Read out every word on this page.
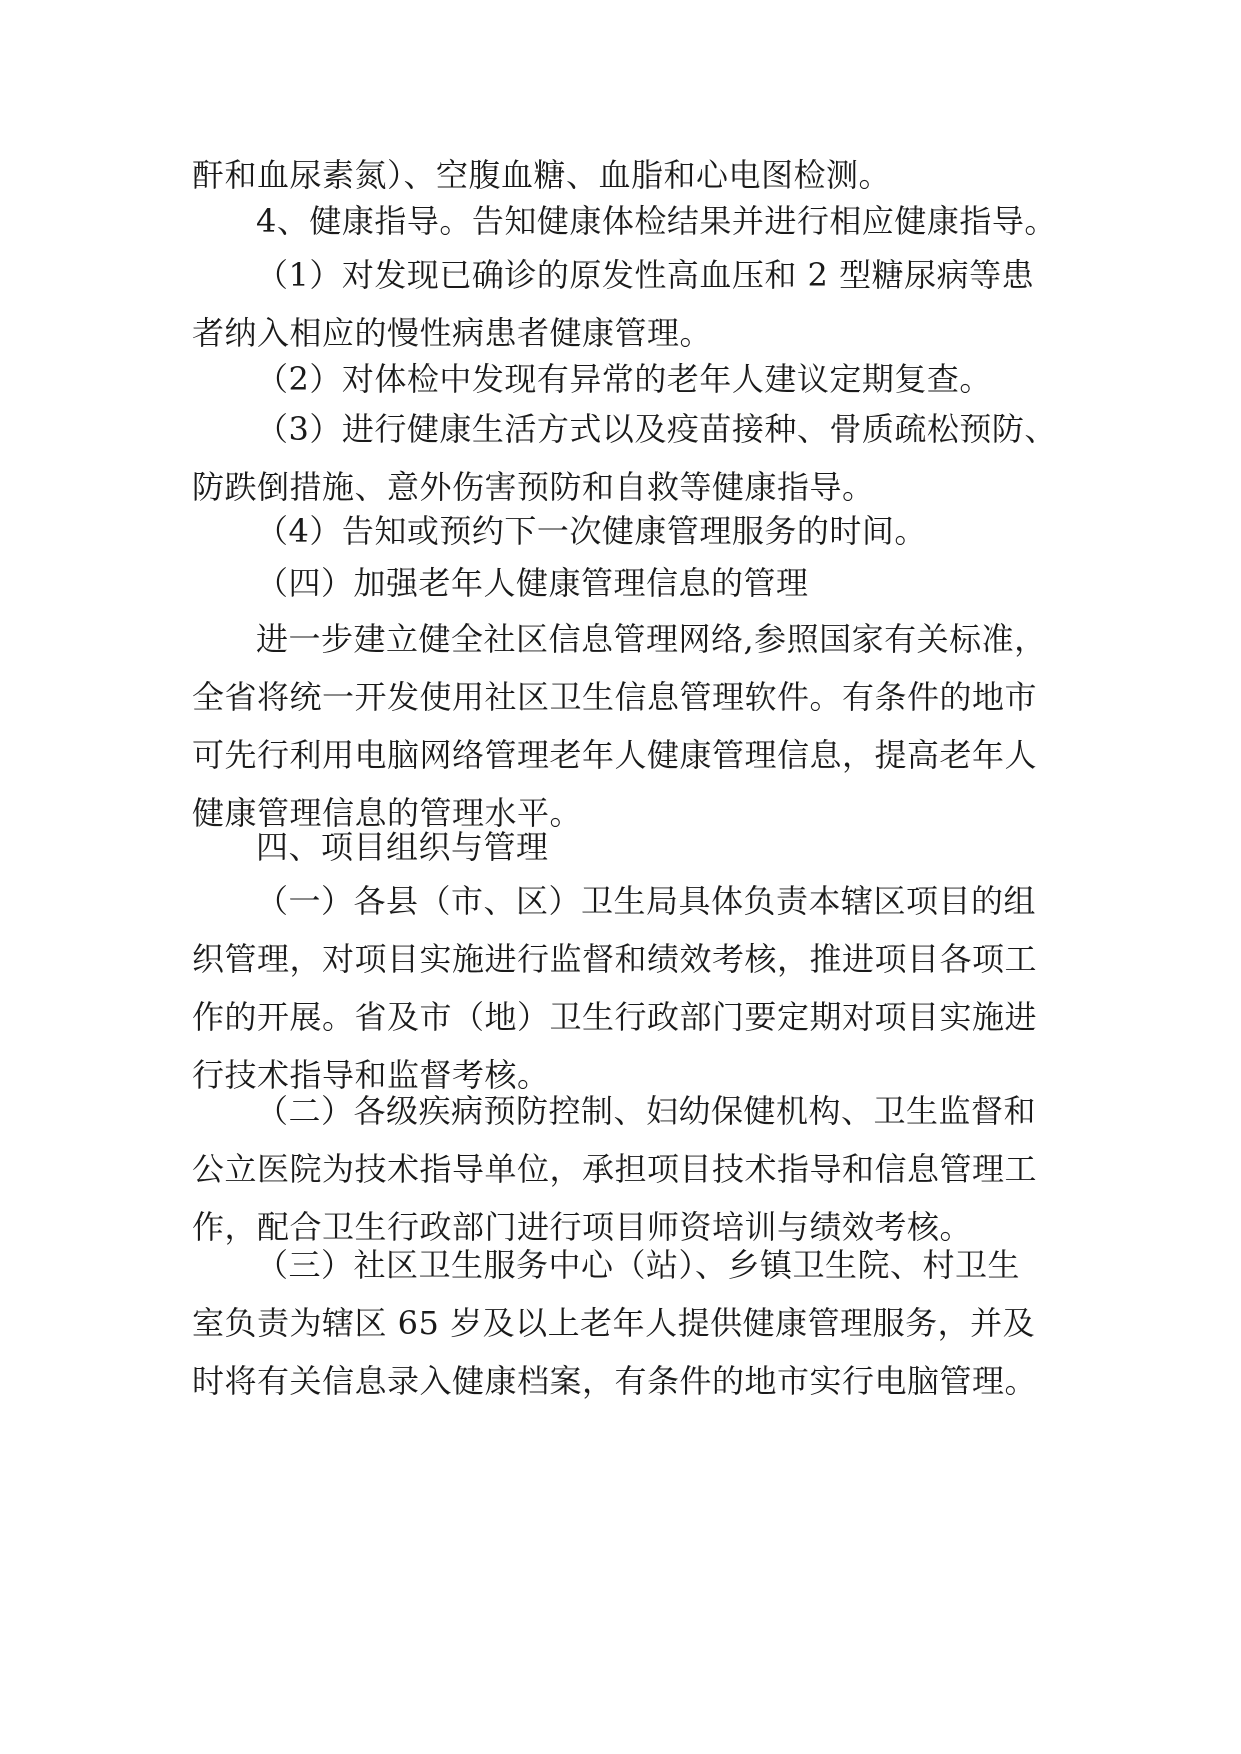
酐和血尿素氮）、空腹血糖、血脂和心电图检测。

4、健康指导。告知健康体检结果并进行相应健康指导。

（1）对发现已确诊的原发性高血压和 2 型糖尿病等患
者纳入相应的慢性病患者健康管理。

（2）对体检中发现有异常的老年人建议定期复查。

（3）进行健康生活方式以及疫苗接种、骨质疏松预防、
防跌倒措施、意外伤害预防和自救等健康指导。

（4）告知或预约下一次健康管理服务的时间。

（四）加强老年人健康管理信息的管理

进一步建立健全社区信息管理网络,参照国家有关标准，
全省将统一开发使用社区卫生信息管理软件。有条件的地市
可先行利用电脑网络管理老年人健康管理信息，提高老年人
健康管理信息的管理水平。

四、项目组织与管理

（一）各县（市、区）卫生局具体负责本辖区项目的组
织管理，对项目实施进行监督和绩效考核，推进项目各项工
作的开展。省及市（地）卫生行政部门要定期对项目实施进
行技术指导和监督考核。

（二）各级疾病预防控制、妇幼保健机构、卫生监督和
公立医院为技术指导单位，承担项目技术指导和信息管理工
作，配合卫生行政部门进行项目师资培训与绩效考核。

（三）社区卫生服务中心（站）、乡镇卫生院、村卫生
室负责为辖区 65 岁及以上老年人提供健康管理服务，并及
时将有关信息录入健康档案，有条件的地市实行电脑管理。
